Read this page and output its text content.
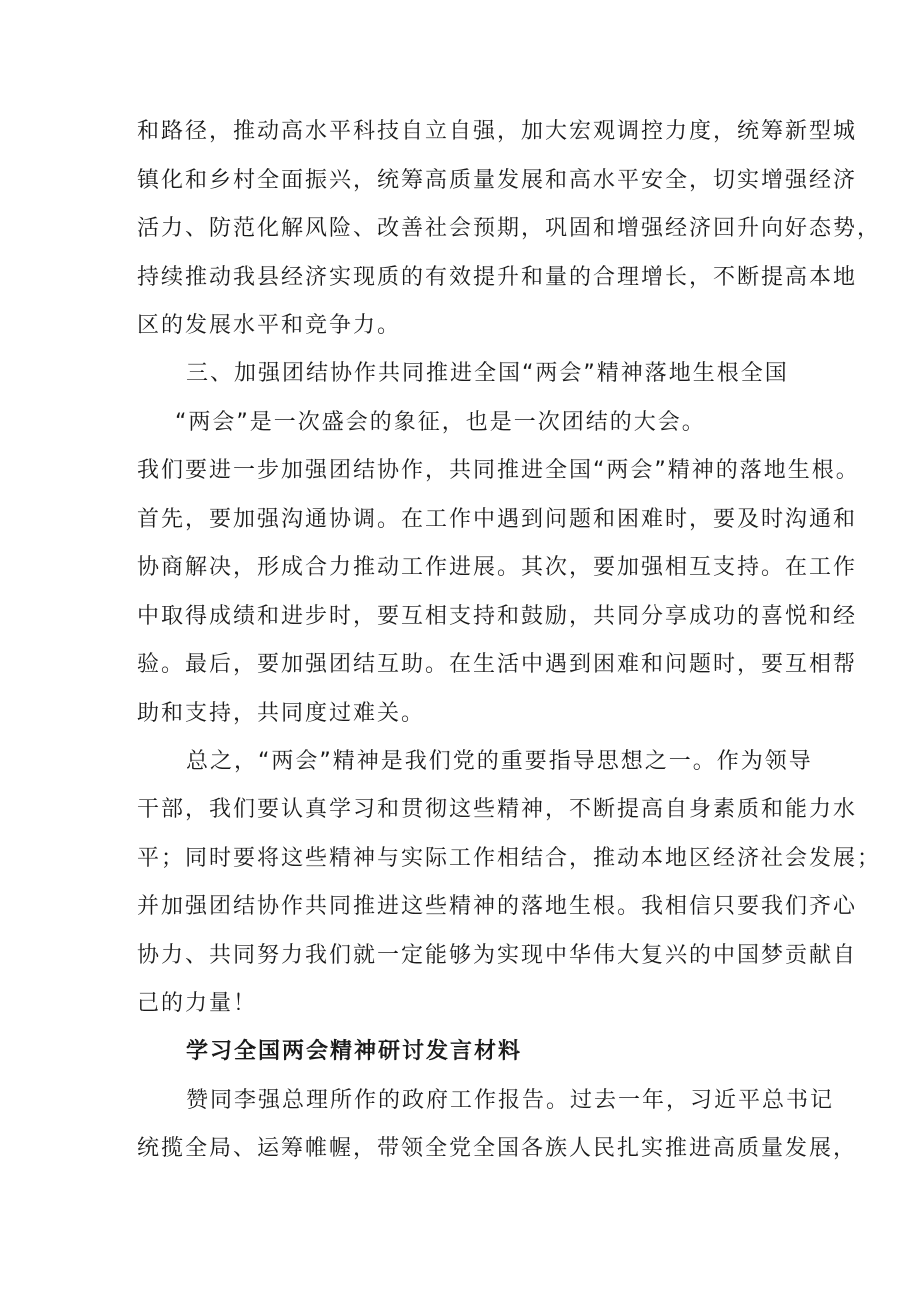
和路径，推动高水平科技自立自强，加大宏观调控力度，统筹新型城
镇化和乡村全面振兴，统筹高质量发展和高水平安全，切实增强经济
活力、防范化解风险、改善社会预期，巩固和增强经济回升向好态势，
持续推动我县经济实现质的有效提升和量的合理增长，不断提高本地
区的发展水平和竞争力。
三、加强团结协作共同推进全国“两会”精神落地生根全国
“两会”是一次盛会的象征，也是一次团结的大会。
我们要进一步加强团结协作，共同推进全国“两会”精神的落地生根。
首先，要加强沟通协调。在工作中遇到问题和困难时，要及时沟通和
协商解决，形成合力推动工作进展。其次，要加强相互支持。在工作
中取得成绩和进步时，要互相支持和鼓励，共同分享成功的喜悦和经
验。最后，要加强团结互助。在生活中遇到困难和问题时，要互相帮
助和支持，共同度过难关。
总之，“两会”精神是我们党的重要指导思想之一。作为领导
干部，我们要认真学习和贯彻这些精神，不断提高自身素质和能力水
平；同时要将这些精神与实际工作相结合，推动本地区经济社会发展；
并加强团结协作共同推进这些精神的落地生根。我相信只要我们齐心
协力、共同努力我们就一定能够为实现中华伟大复兴的中国梦贡献自
己的力量！
学习全国两会精神研讨发言材料
赞同李强总理所作的政府工作报告。过去一年，习近平总书记
统揽全局、运筹帷幄，带领全党全国各族人民扎实推进高质量发展，
